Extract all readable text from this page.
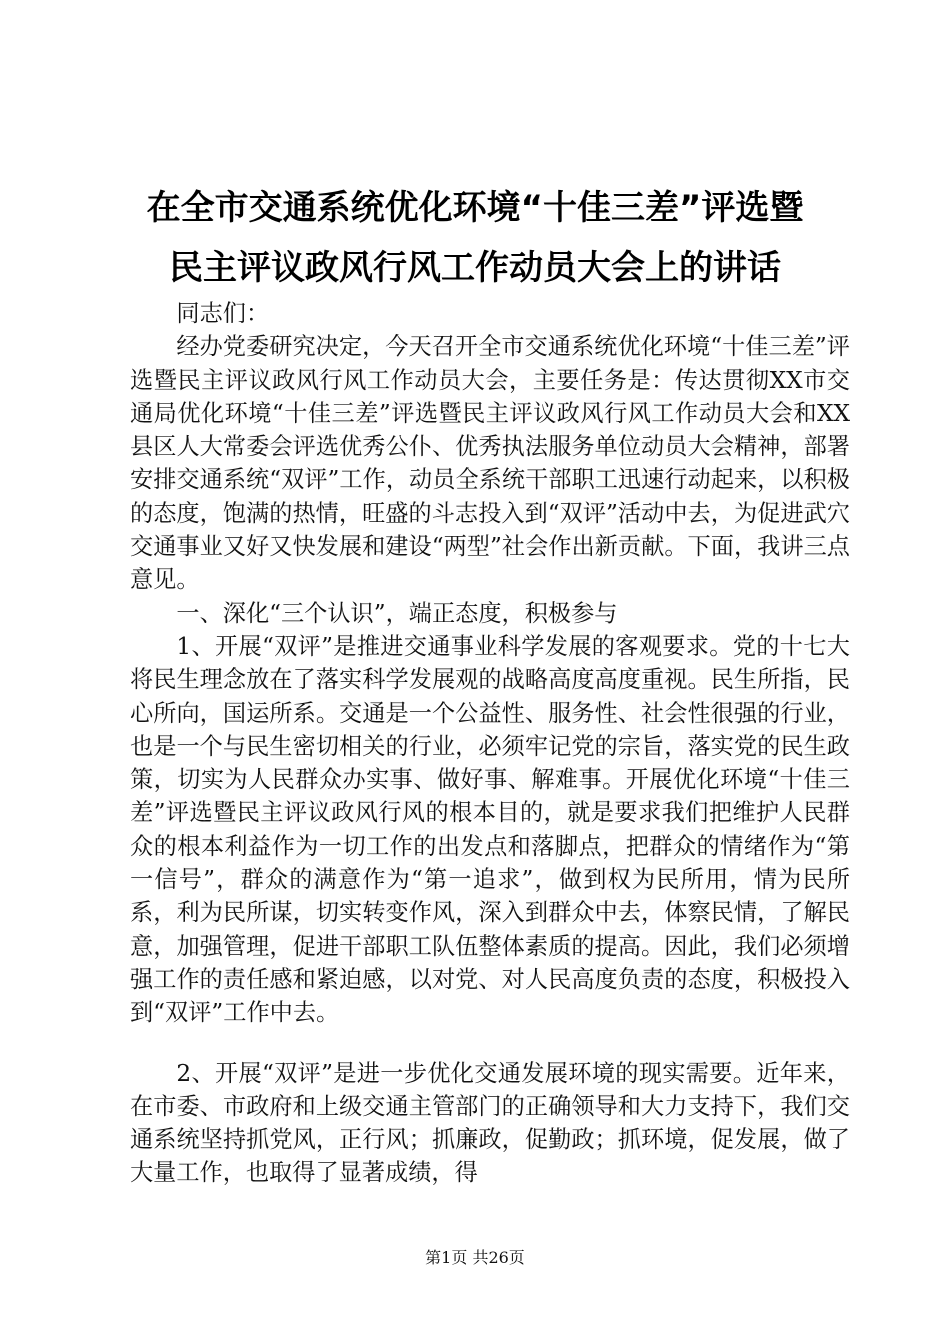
在全市交通系统优化环境“十佳三差”评选暨
民主评议政风行风工作动员大会上的讲话

同志们：

经办党委研究决定，今天召开全市交通系统优化环境“十佳三差”评选暨民主评议政风行风工作动员大会，主要任务是：传达贯彻XX市交通局优化环境“十佳三差”评选暨民主评议政风行风工作动员大会和XX县区人大常委会评选优秀公仆、优秀执法服务单位动员大会精神，部署安排交通系统“双评”工作，动员全系统干部职工迅速行动起来，以积极的态度，饱满的热情，旺盛的斗志投入到“双评”活动中去，为促进武穴交通事业又好又快发展和建设“两型”社会作出新贡献。下面，我讲三点意见。

一、深化“三个认识”，端正态度，积极参与

1、开展“双评”是推进交通事业科学发展的客观要求。党的十七大将民生理念放在了落实科学发展观的战略高度高度重视。民生所指，民心所向，国运所系。交通是一个公益性、服务性、社会性很强的行业，也是一个与民生密切相关的行业，必须牢记党的宗旨，落实党的民生政策，切实为人民群众办实事、做好事、解难事。开展优化环境“十佳三差”评选暨民主评议政风行风的根本目的，就是要求我们把维护人民群众的根本利益作为一切工作的出发点和落脚点，把群众的情绪作为“第一信号”，群众的满意作为“第一追求”，做到权为民所用，情为民所系，利为民所谋，切实转变作风，深入到群众中去，体察民情，了解民意，加强管理，促进干部职工队伍整体素质的提高。因此，我们必须增强工作的责任感和紧迫感，以对党、对人民高度负责的态度，积极投入到“双评”工作中去。

2、开展“双评”是进一步优化交通发展环境的现实需要。近年来，在市委、市政府和上级交通主管部门的正确领导和大力支持下，我们交通系统坚持抓党风，正行风；抓廉政，促勤政；抓环境，促发展，做了大量工作，也取得了显著成绩，得

第1页 共26页
